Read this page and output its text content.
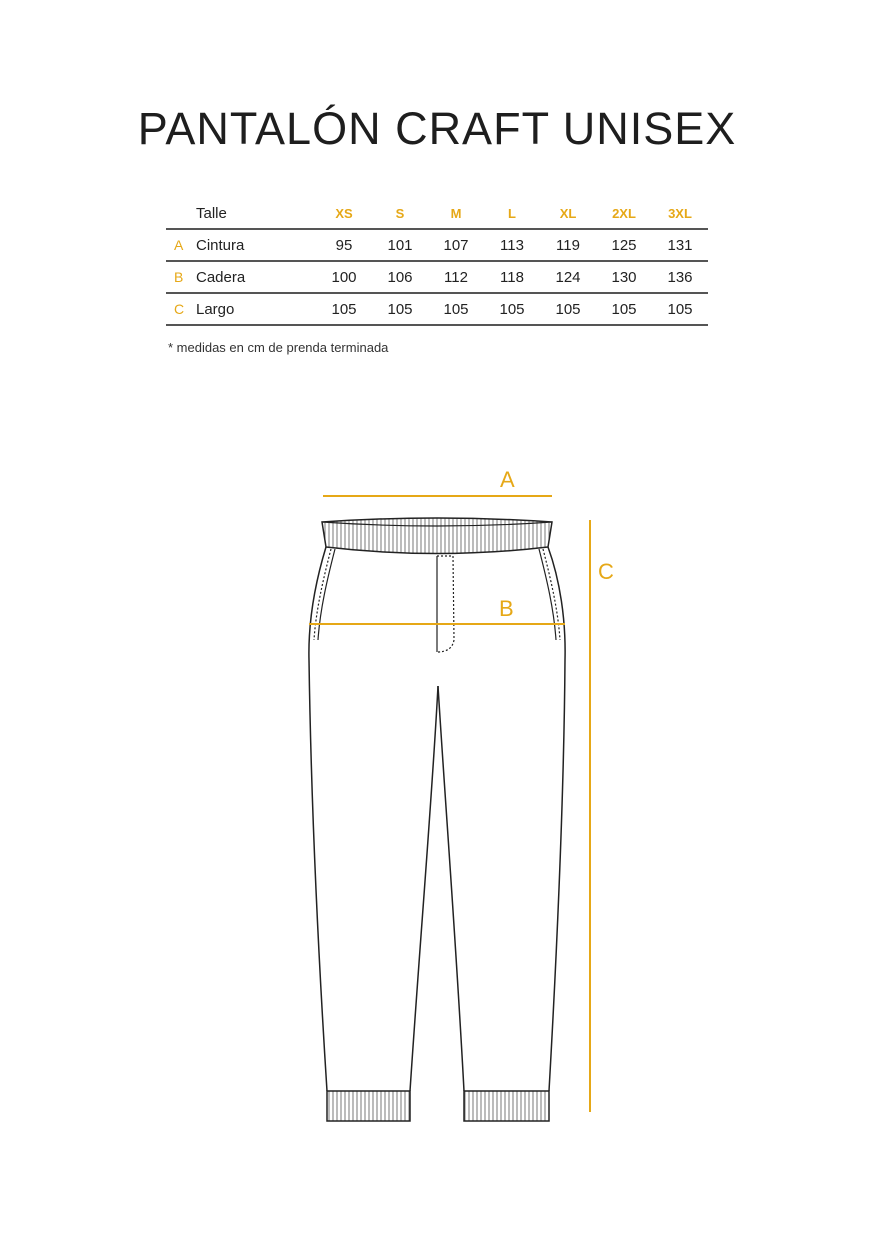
PANTALÓN CRAFT UNISEX
	Talle	XS	S	M	L	XL	2XL	3XL
A	Cintura	95	101	107	113	119	125	131
B	Cadera	100	106	112	118	124	130	136
C	Largo	105	105	105	105	105	105	105
* medidas en cm de prenda terminada
A
B
C
